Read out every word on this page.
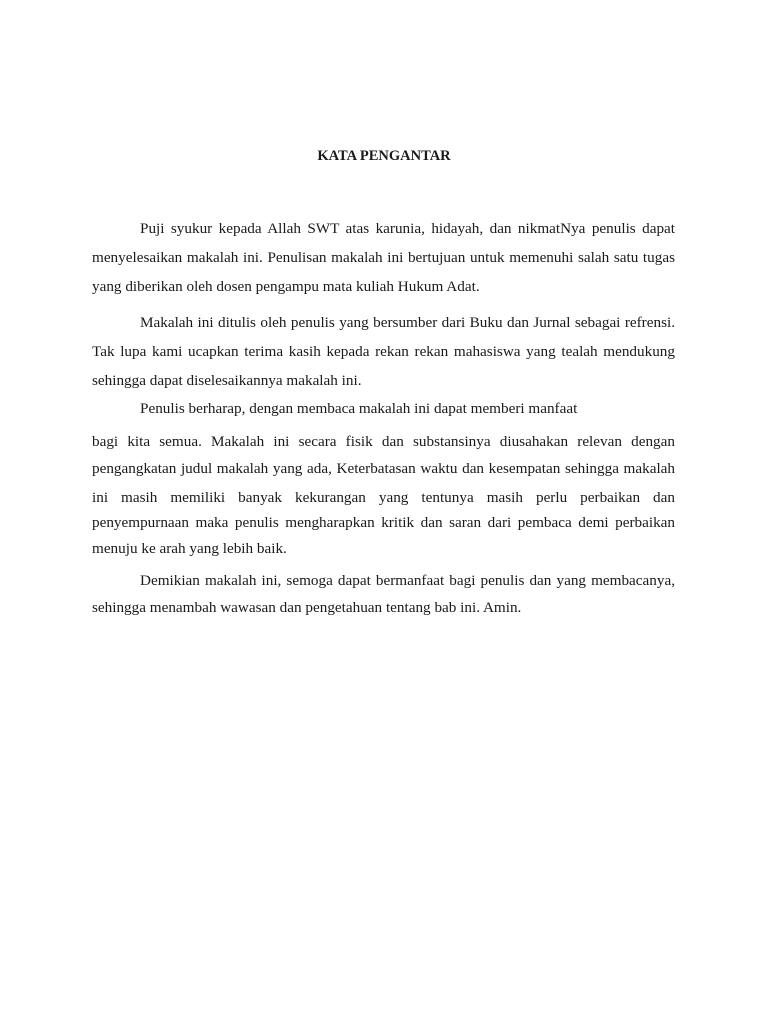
KATA PENGANTAR
Puji syukur kepada Allah SWT atas karunia, hidayah, dan nikmatNya penulis dapat
menyelesaikan makalah ini. Penulisan makalah ini bertujuan untuk memenuhi salah satu tugas
yang diberikan oleh dosen pengampu mata kuliah Hukum Adat.
Makalah ini ditulis oleh penulis yang bersumber dari Buku dan Jurnal sebagai refrensi.
Tak lupa kami ucapkan terima kasih kepada rekan rekan mahasiswa yang tealah mendukung
sehingga dapat diselesaikannya makalah ini.
Penulis berharap, dengan membaca makalah ini dapat memberi manfaat
bagi kita semua. Makalah ini secara fisik dan substansinya diusahakan relevan dengan
pengangkatan judul makalah yang ada, Keterbatasan waktu dan kesempatan sehingga makalah
ini masih memiliki banyak kekurangan yang tentunya masih perlu perbaikan dan
penyempurnaan maka penulis mengharapkan kritik dan saran dari pembaca demi perbaikan
menuju ke arah yang lebih baik.
Demikian makalah ini, semoga dapat bermanfaat bagi penulis dan yang membacanya,
sehingga menambah wawasan dan pengetahuan tentang bab ini. Amin.
